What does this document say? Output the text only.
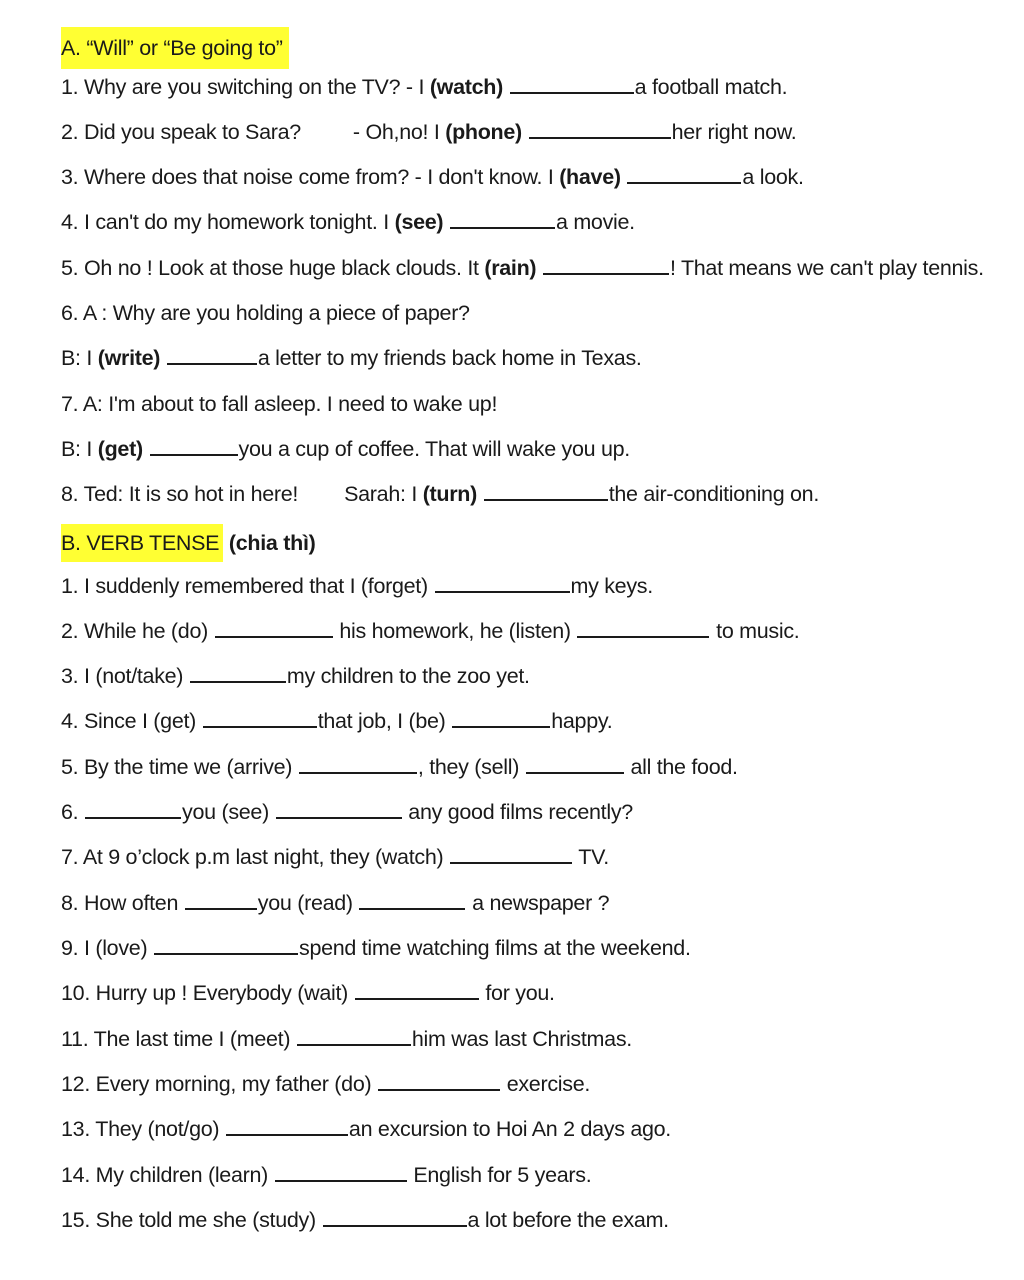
A. “Will” or “Be going to”
1. Why are you switching on the TV? - I (watch)	a football match.
2. Did you speak to Sara? - Oh,no! I (phone)	her right now.
3. Where does that noise come from? - I don't know. I (have)	a look.
4. I can't do my homework tonight. I (see)	a movie.
5. Oh no ! Look at those huge black clouds. It (rain)	! That means we can't play tennis.
6. A : Why are you holding a piece of paper?
B: I (write)	a letter to my friends back home in Texas.
7. A: I'm about to fall asleep. I need to wake up!
B: I (get)	you a cup of coffee. That will wake you up.
8. Ted: It is so hot in here! Sarah: I (turn)	the air-conditioning on.
B. VERB TENSE (chia thì)
1. I suddenly remembered that I (forget)	my keys.
2. While he (do)	his homework, he (listen)	to music.
3. I (not/take)	my children to the zoo yet.
4. Since I (get)	that job, I (be)	happy.
5. By the time we (arrive)	, they (sell)	all the food.
6.	you (see)	any good films recently?
7. At 9 o’clock p.m last night, they (watch)	TV.
8. How often	you (read)	a newspaper ?
9. I (love)	spend time watching films at the weekend.
10. Hurry up ! Everybody (wait)	for you.
11. The last time I (meet)	him was last Christmas.
12. Every morning, my father (do)	exercise.
13. They (not/go)	an excursion to Hoi An 2 days ago.
14. My children (learn)	English for 5 years.
15. She told me she (study)	a lot before the exam.
